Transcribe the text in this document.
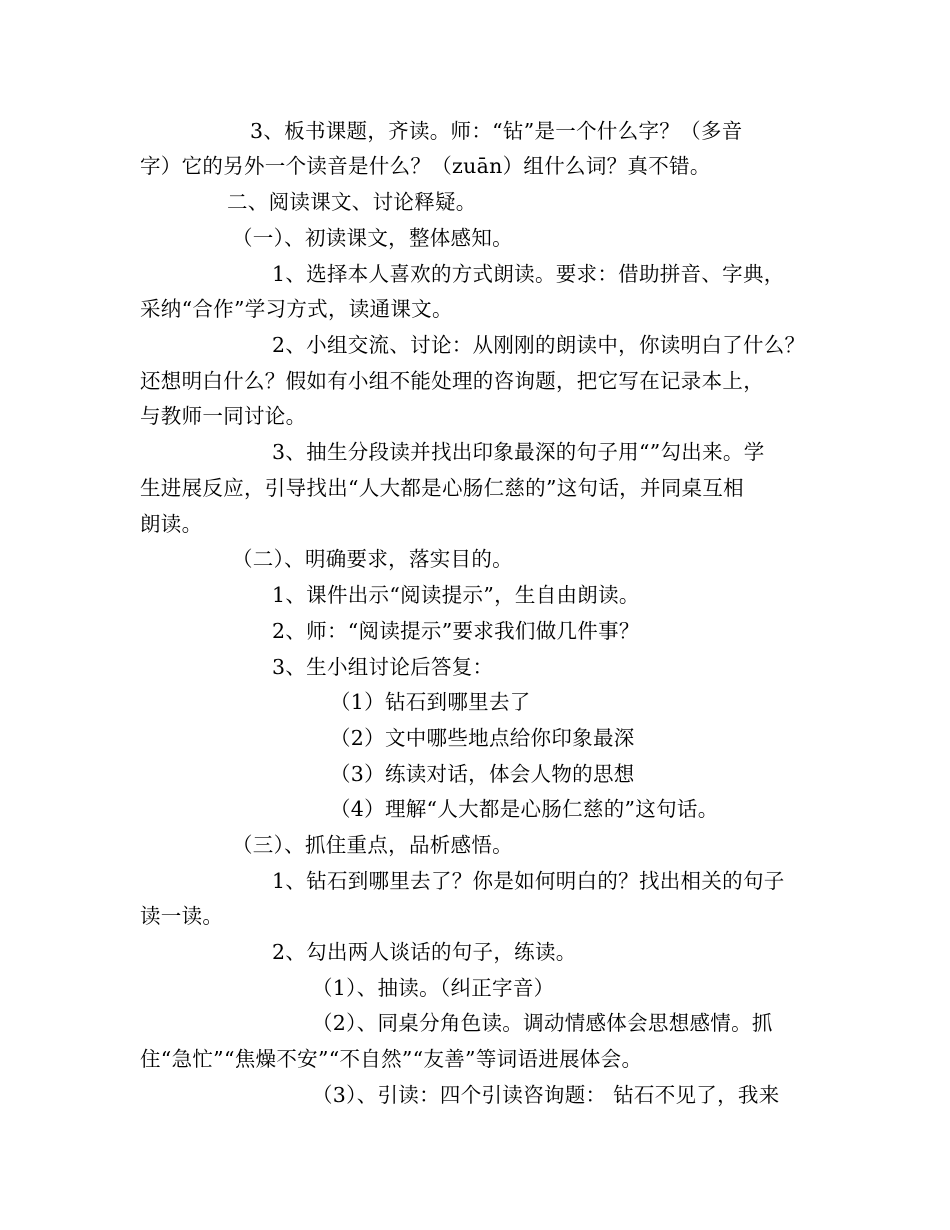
3、板书课题，齐读。师：“钻”是一个什么字？（多音
字）它的另外一个读音是什么？（zuān）组什么词？真不错。
二、阅读课文、讨论释疑。
（一）、初读课文，整体感知。
1、选择本人喜欢的方式朗读。要求：借助拼音、字典，
采纳“合作”学习方式，读通课文。
2、小组交流、讨论：从刚刚的朗读中，你读明白了什么？
还想明白什么？假如有小组不能处理的咨询题，把它写在记录本上，
与教师一同讨论。
3、抽生分段读并找出印象最深的句子用“”勾出来。学
生进展反应，引导找出“人大都是心肠仁慈的”这句话，并同桌互相
朗读。
（二）、明确要求，落实目的。
1、课件出示“阅读提示”，生自由朗读。
2、师：“阅读提示”要求我们做几件事？
3、生小组讨论后答复：
（1）钻石到哪里去了
（2）文中哪些地点给你印象最深
（3）练读对话，体会人物的思想
（4）理解“人大都是心肠仁慈的”这句话。
（三）、抓住重点，品析感悟。
1、钻石到哪里去了？你是如何明白的？找出相关的句子
读一读。
2、勾出两人谈话的句子，练读。
（1）、抽读。（纠正字音）
（2）、同桌分角色读。调动情感体会思想感情。抓
住“急忙”“焦燥不安”“不自然”“友善”等词语进展体会。
（3）、引读：四个引读咨询题： 钻石不见了，我来
